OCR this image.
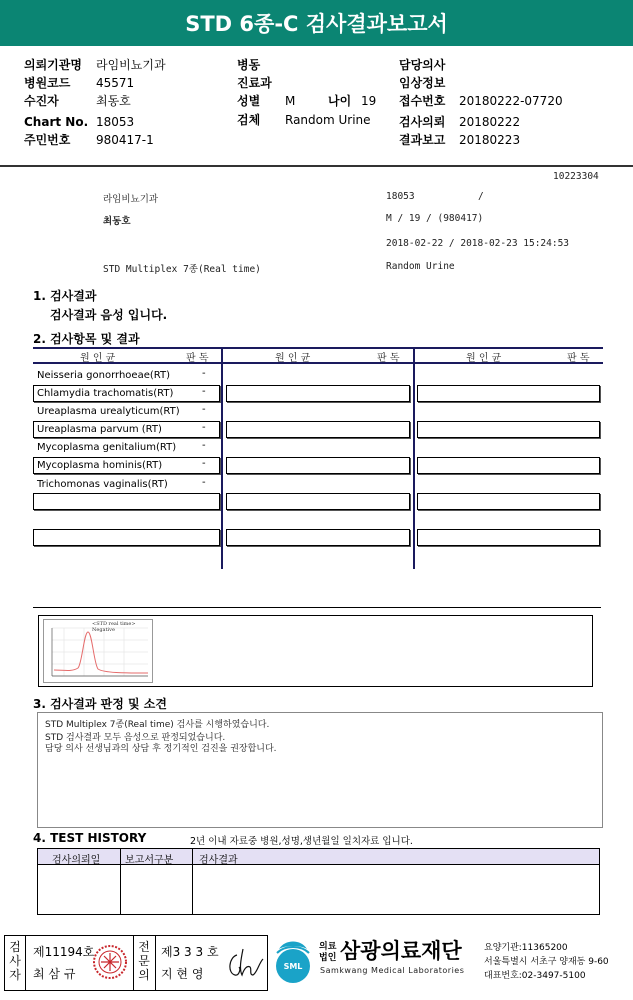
STD 6종-C 검사결과보고서
의뢰기관명 라임비뇨기과
병원코드 45571
수진자	최동호
Chart No. 18053
주민번호 980417-1
병동
진료과
성별 M	나이 19
검체 Random Urine
담당의사
임상정보
접수번호 20180222-07720
검사의뢰 20180222
결과보고 20180223
10223304
라임비뇨기과	18053	/
최동호	M / 19 / (980417)
2018-02-22 / 2018-02-23 15:24:53
STD Multiplex 7종(Real time)	Random Urine
1. 검사결과
검사결과 음성 입니다.
2. 검사항목 및 결과
원 인 균	판 독	원 인 균	판 독	원 인 균	판 독
Neisseria gonorrhoeae(RT)	-
Chlamydia trachomatis(RT)	-
Ureaplasma urealyticum(RT) -
Ureaplasma parvum (RT)	-
Mycoplasma genitalium(RT)	-
Mycoplasma hominis(RT)	-
Trichomonas vaginalis(RT)	-
<STD real time>
Negative
3. 검사결과 판정 및 소견
STD Multiplex 7종(Real time) 검사를 시행하였습니다.
STD 검사결과 모두 음성으로 판정되었습니다.
담당 의사 선생님과의 상담 후 정기적인 검진을 권장합니다.
4. TEST HISTORY	2년 이내 자료중 병원,성명,생년월일 일치자료 입니다.
검사의뢰일 보고서구분	검사결과
검
사
자
제11194호
최 삼 규
전
문
의
제3 3 3 호
지 현 영
SML
의료
법인 삼광의료재단
Samkwang Medical Laboratories
요양기관:11365200
서울특별시 서초구 양재동 9-60
대표번호:02-3497-5100
